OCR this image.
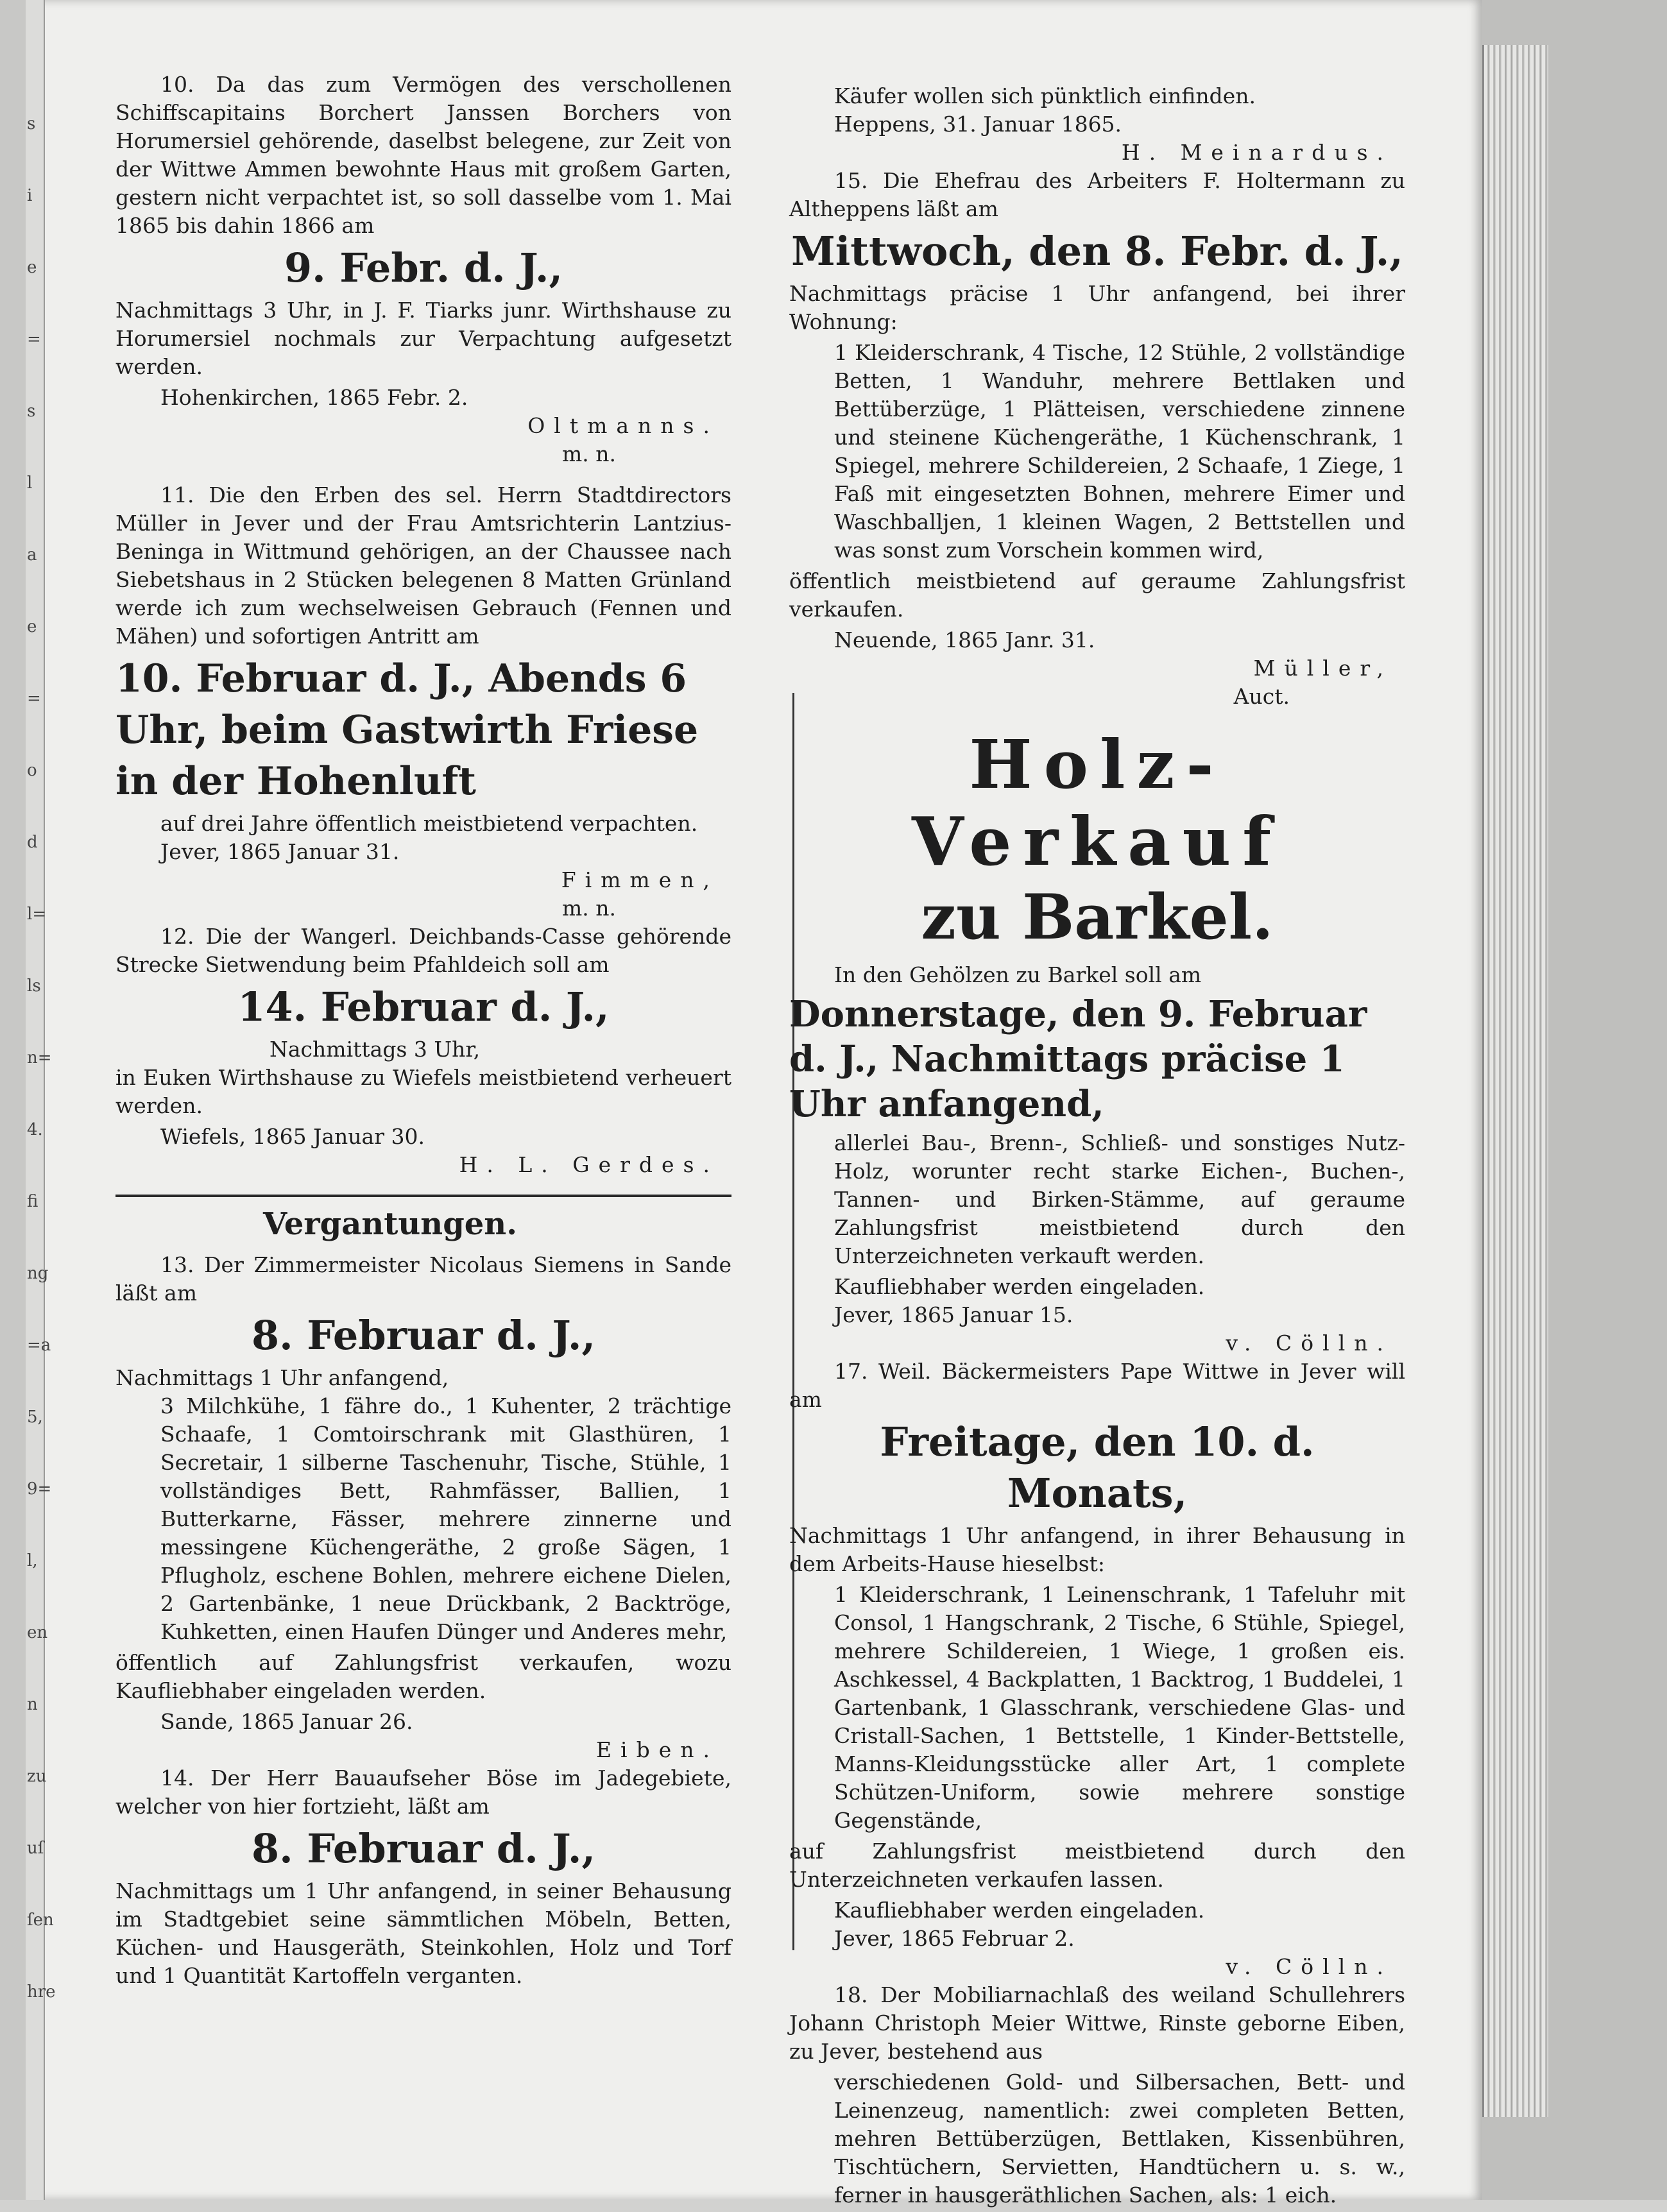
s
ⅰ
e
=
s
l
a
e
=
o
d
l=
ls
n=
4.
fi
ng
=a
5,
9=
l,
en
n
zu
uſ
ſen
hre

10. Da das zum Vermögen des verschollenen Schiffscapitains Borchert Janssen Borchers von Horumersiel gehörende, daselbst belegene, zur Zeit von der Wittwe Ammen bewohnte Haus mit großem Garten, gestern nicht verpachtet ist, so soll dasselbe vom 1. Mai 1865 bis dahin 1866 am

9. Febr. d. J.,

Nachmittags 3 Uhr, in J. F. Tiarks junr. Wirthshause zu Horumersiel nochmals zur Verpachtung aufgesetzt werden.

Hohenkirchen, 1865 Febr. 2.

Oltmanns.

m. n.

11. Die den Erben des sel. Herrn Stadtdirectors Müller in Jever und der Frau Amtsrichterin Lantzius-Beninga in Wittmund gehörigen, an der Chaussee nach Siebetshaus in 2 Stücken belegenen 8 Matten Grünland werde ich zum wechselweisen Gebrauch (Fennen und Mähen) und sofortigen Antritt am

10. Februar d. J., Abends 6 Uhr, beim Gastwirth Friese in der Hohenluft

auf drei Jahre öffentlich meistbietend verpachten.

Jever, 1865 Januar 31.

Fimmen,

m. n.

12. Die der Wangerl. Deichbands-Casse gehörende Strecke Sietwendung beim Pfahldeich soll am

14. Februar d. J.,

Nachmittags 3 Uhr,

in Euken Wirthshause zu Wiefels meistbietend verheuert werden.

Wiefels, 1865 Januar 30.

H. L. Gerdes.

Vergantungen.

13. Der Zimmermeister Nicolaus Siemens in Sande läßt am

8. Februar d. J.,

Nachmittags 1 Uhr anfangend,

3 Milchkühe, 1 fähre do., 1 Kuhenter, 2 trächtige Schaafe, 1 Comtoirschrank mit Glasthüren, 1 Secretair, 1 silberne Taschenuhr, Tische, Stühle, 1 vollständiges Bett, Rahmfässer, Ballien, 1 Butterkarne, Fässer, mehrere zinnerne und messingene Küchengeräthe, 2 große Sägen, 1 Pflugholz, eschene Bohlen, mehrere eichene Dielen, 2 Gartenbänke, 1 neue Drückbank, 2 Backtröge, Kuhketten, einen Haufen Dünger und Anderes mehr,

öffentlich auf Zahlungsfrist verkaufen, wozu Kaufliebhaber eingeladen werden.

Sande, 1865 Januar 26.

Eiben.

14. Der Herr Bauaufseher Böse im Jadegebiete, welcher von hier fortzieht, läßt am

8. Februar d. J.,

Nachmittags um 1 Uhr anfangend, in seiner Behausung im Stadtgebiet seine sämmtlichen Möbeln, Betten, Küchen- und Hausgeräth, Steinkohlen, Holz und Torf und 1 Quantität Kartoffeln verganten.

Käufer wollen sich pünktlich einfinden.

Heppens, 31. Januar 1865.

H. Meinardus.

15. Die Ehefrau des Arbeiters F. Holtermann zu Altheppens läßt am

Mittwoch, den 8. Febr. d. J.,

Nachmittags präcise 1 Uhr anfangend, bei ihrer Wohnung:

1 Kleiderschrank, 4 Tische, 12 Stühle, 2 vollständige Betten, 1 Wanduhr, mehrere Bettlaken und Bettüberzüge, 1 Plätteisen, verschiedene zinnene und steinene Küchengeräthe, 1 Küchenschrank, 1 Spiegel, mehrere Schildereien, 2 Schaafe, 1 Ziege, 1 Faß mit eingesetzten Bohnen, mehrere Eimer und Waschballjen, 1 kleinen Wagen, 2 Bettstellen und was sonst zum Vorschein kommen wird,

öffentlich meistbietend auf geraume Zahlungsfrist verkaufen.

Neuende, 1865 Janr. 31.

Müller,

Auct.

Holz-Verkauf
zu Barkel.

In den Gehölzen zu Barkel soll am

Donnerstage, den 9. Februar d. J., Nachmittags präcise 1 Uhr anfangend,

allerlei Bau-, Brenn-, Schließ- und sonstiges Nutz-Holz, worunter recht starke Eichen-, Buchen-, Tannen- und Birken-Stämme, auf geraume Zahlungsfrist meistbietend durch den Unterzeichneten verkauft werden.

Kaufliebhaber werden eingeladen.

Jever, 1865 Januar 15.

v. Cölln.

17. Weil. Bäckermeisters Pape Wittwe in Jever will am

Freitage, den 10. d. Monats,

Nachmittags 1 Uhr anfangend, in ihrer Behausung in dem Arbeits-Hause hieselbst:

1 Kleiderschrank, 1 Leinenschrank, 1 Tafeluhr mit Consol, 1 Hangschrank, 2 Tische, 6 Stühle, Spiegel, mehrere Schildereien, 1 Wiege, 1 großen eis. Aschkessel, 4 Backplatten, 1 Backtrog, 1 Buddelei, 1 Gartenbank, 1 Glasschrank, verschiedene Glas- und Cristall-Sachen, 1 Bettstelle, 1 Kinder-Bettstelle, Manns-Kleidungsstücke aller Art, 1 complete Schützen-Uniform, sowie mehrere sonstige Gegenstände,

auf Zahlungsfrist meistbietend durch den Unterzeichneten verkaufen lassen.

Kaufliebhaber werden eingeladen.

Jever, 1865 Februar 2.

v. Cölln.

18. Der Mobiliarnachlaß des weiland Schullehrers Johann Christoph Meier Wittwe, Rinste geborne Eiben, zu Jever, bestehend aus

verschiedenen Gold- und Silbersachen, Bett- und Leinenzeug, namentlich: zwei completen Betten, mehren Bettüberzügen, Bettlaken, Kissenbühren, Tischtüchern, Servietten, Handtüchern u. s. w., ferner in hausgeräthlichen Sachen, als: 1 eich.
